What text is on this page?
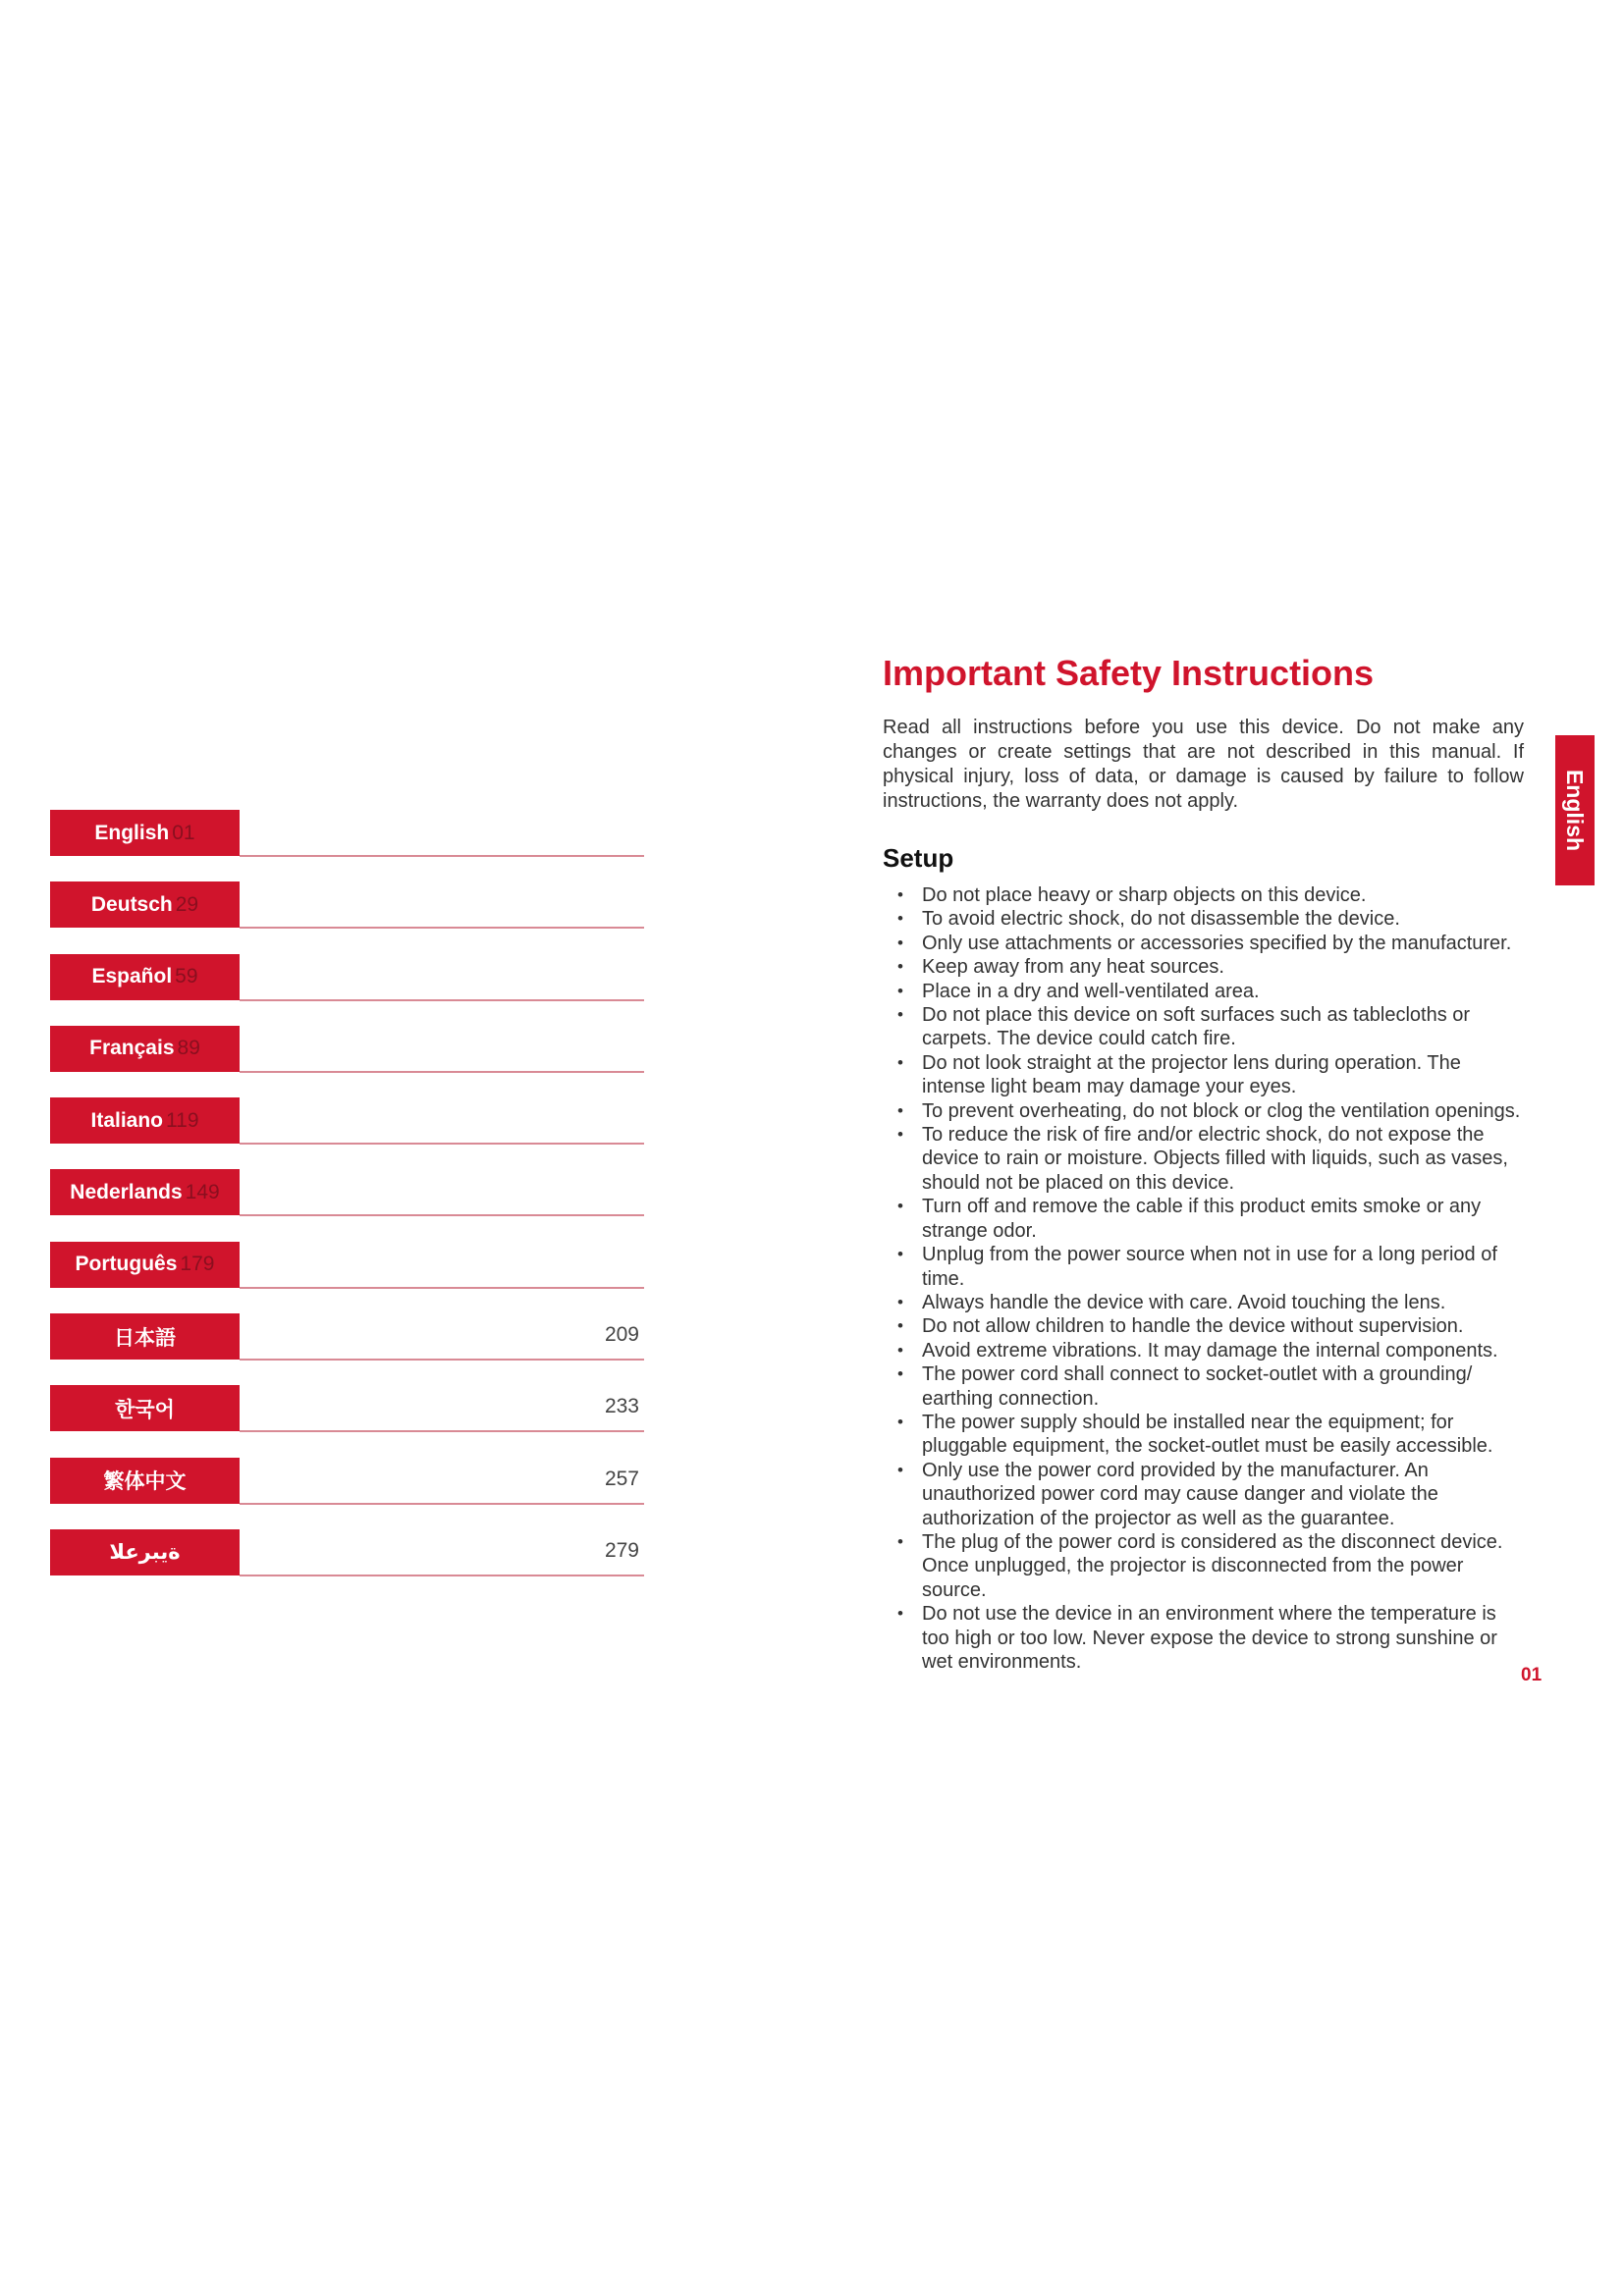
English 01
Deutsch 29
Español 59
Français 89
Italiano 119
Nederlands 149
Português 179
日本語	209
한국어	233
繁体中文	257
ةيبرعلا	279
Important Safety Instructions

Read all instructions before you use this device. Do not make any changes or create settings that are not described in this manual. If physical injury, loss of data, or damage is caused by failure to follow instructions, the warranty does not apply.

Setup
• Do not place heavy or sharp objects on this device.
• To avoid electric shock, do not disassemble the device.
• Only use attachments or accessories specified by the manufacturer.
• Keep away from any heat sources.
• Place in a dry and well-ventilated area.
• Do not place this device on soft surfaces such as tablecloths or carpets. The device could catch fire.
• Do not look straight at the projector lens during operation. The intense light beam may damage your eyes.
• To prevent overheating, do not block or clog the ventilation openings.
• To reduce the risk of fire and/or electric shock, do not expose the device to rain or moisture. Objects filled with liquids, such as vases, should not be placed on this device.
• Turn off and remove the cable if this product emits smoke or any strange odor.
• Unplug from the power source when not in use for a long period of time.
• Always handle the device with care. Avoid touching the lens.
• Do not allow children to handle the device without supervision.
• Avoid extreme vibrations. It may damage the internal components.
• The power cord shall connect to socket-outlet with a grounding/ earthing connection.
• The power supply should be installed near the equipment; for pluggable equipment, the socket-outlet must be easily accessible.
• Only use the power cord provided by the manufacturer. An unauthorized power cord may cause danger and violate the authorization of the projector as well as the guarantee.
• The plug of the power cord is considered as the disconnect device. Once unplugged, the projector is disconnected from the power source.
• Do not use the device in an environment where the temperature is too high or too low. Never expose the device to strong sunshine or wet environments.
English
01
